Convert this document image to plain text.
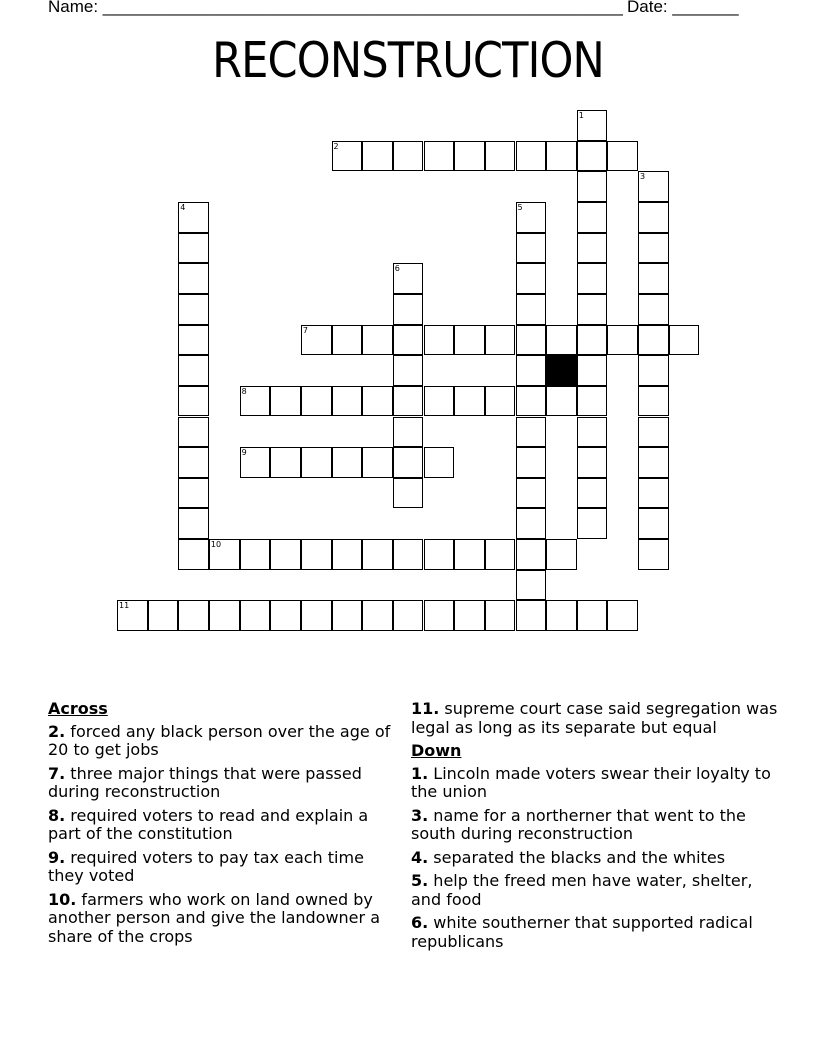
Name: _______________________________________________________ Date: _______
RECONSTRUCTION
2
7
8
9
10
11
1
3
4	5
6
Across
2. forced any black person over the age of 20 to get jobs
7. three major things that were passed during reconstruction
8. required voters to read and explain a part of the constitution
9. required voters to pay tax each time they voted
10. farmers who work on land owned by another person and give the landowner a share of the crops
11. supreme court case said segregation was legal as long as its separate but equal
Down
1. Lincoln made voters swear their loyalty to the union
3. name for a northerner that went to the south during reconstruction
4. separated the blacks and the whites
5. help the freed men have water, shelter, and food
6. white southerner that supported radical republicans
